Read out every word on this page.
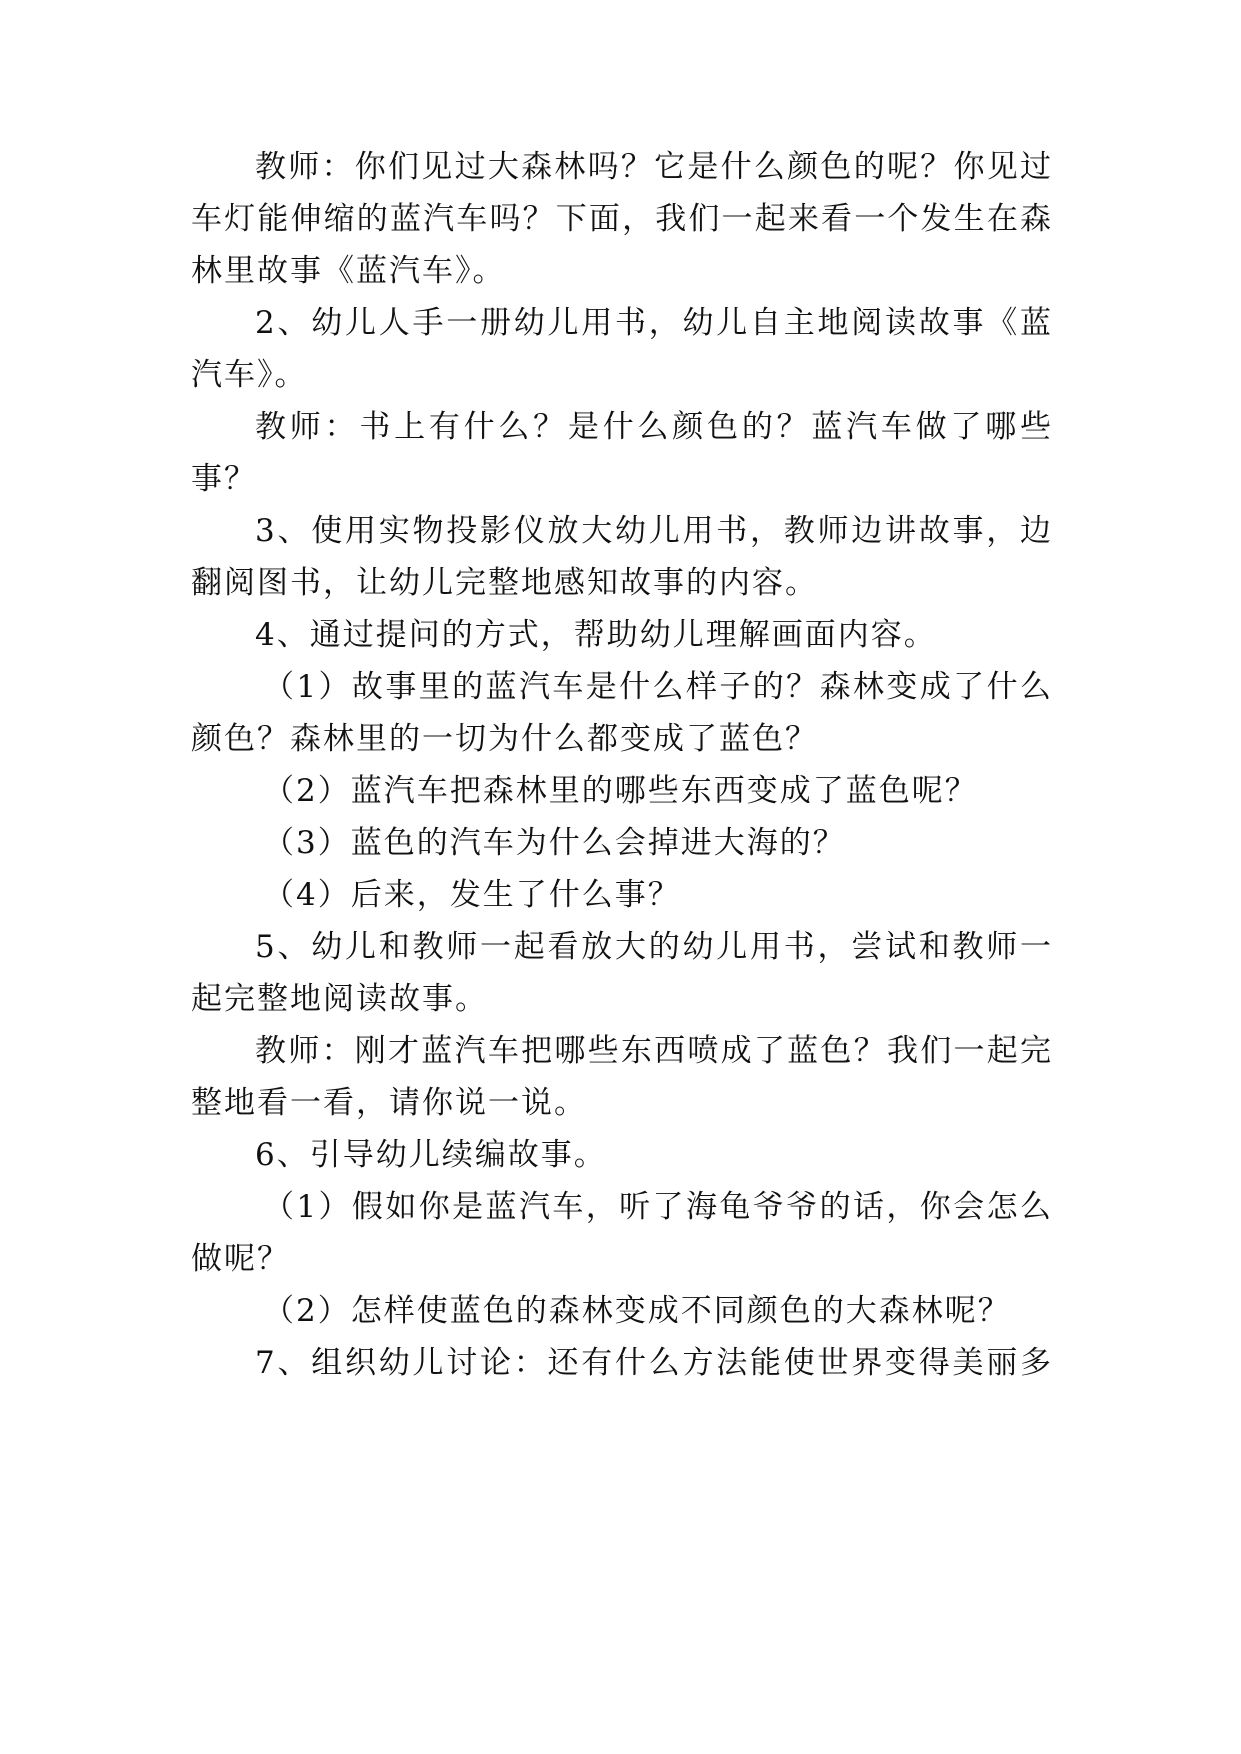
教师：你们见过大森林吗？它是什么颜色的呢？你见过
车灯能伸缩的蓝汽车吗？下面，我们一起来看一个发生在森
林里故事《蓝汽车》。
2、幼儿人手一册幼儿用书，幼儿自主地阅读故事《蓝
汽车》。
教师：书上有什么？是什么颜色的？蓝汽车做了哪些
事？
3、使用实物投影仪放大幼儿用书，教师边讲故事，边
翻阅图书，让幼儿完整地感知故事的内容。
4、通过提问的方式，帮助幼儿理解画面内容。
（1）故事里的蓝汽车是什么样子的？森林变成了什么
颜色？森林里的一切为什么都变成了蓝色？
（2）蓝汽车把森林里的哪些东西变成了蓝色呢？
（3）蓝色的汽车为什么会掉进大海的？
（4）后来，发生了什么事？
5、幼儿和教师一起看放大的幼儿用书，尝试和教师一
起完整地阅读故事。
教师：刚才蓝汽车把哪些东西喷成了蓝色？我们一起完
整地看一看，请你说一说。
6、引导幼儿续编故事。
（1）假如你是蓝汽车，听了海龟爷爷的话，你会怎么
做呢？
（2）怎样使蓝色的森林变成不同颜色的大森林呢？
7、组织幼儿讨论：还有什么方法能使世界变得美丽多
